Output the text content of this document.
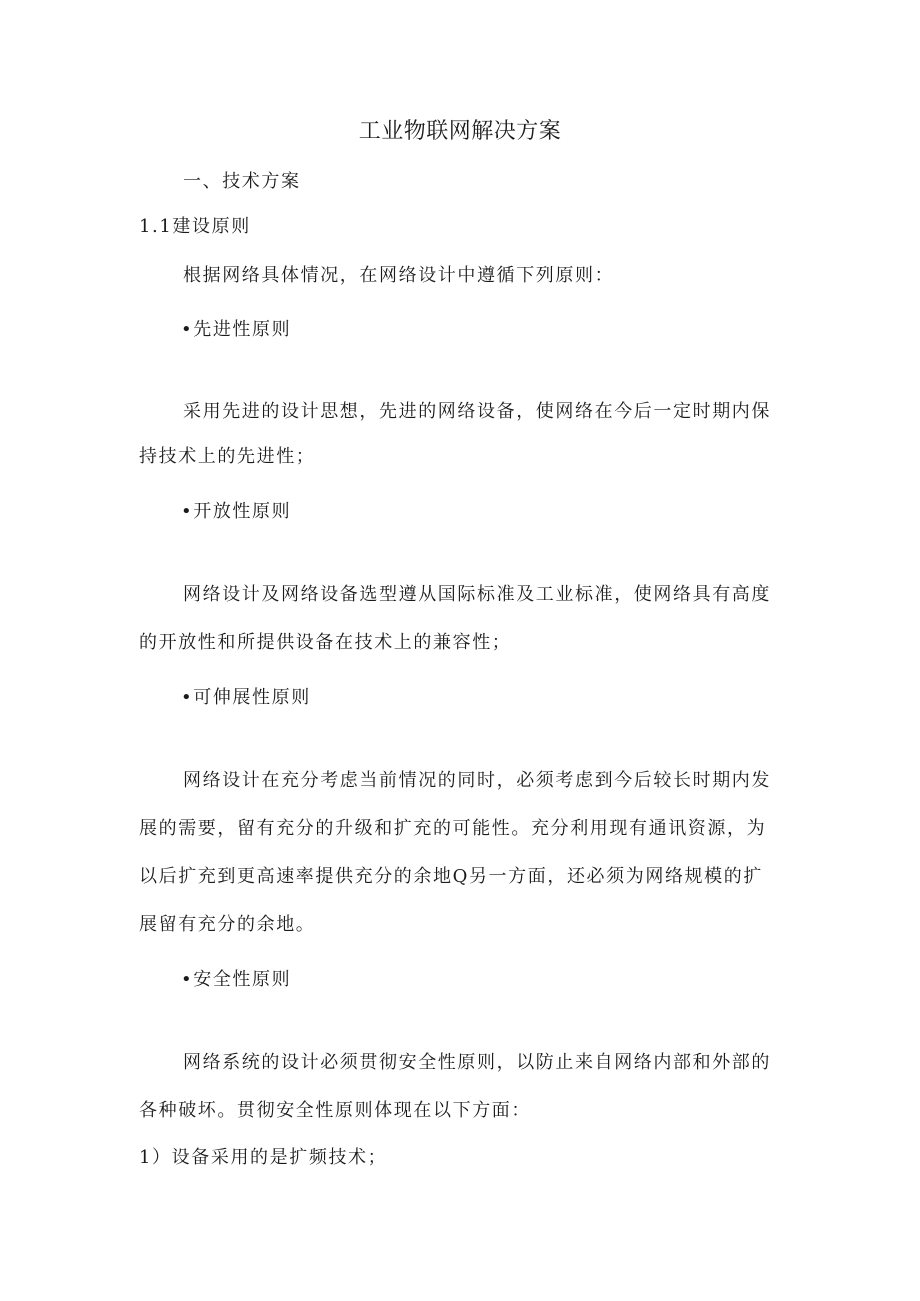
工业物联网解决方案
一、技术方案
1.1建设原则
根据网络具体情况，在网络设计中遵循下列原则：
•先进性原则
采用先进的设计思想，先进的网络设备，使网络在今后一定时期内保
持技术上的先进性；
•开放性原则
网络设计及网络设备选型遵从国际标准及工业标准，使网络具有高度
的开放性和所提供设备在技术上的兼容性；
•可伸展性原则
网络设计在充分考虑当前情况的同时，必须考虑到今后较长时期内发
展的需要，留有充分的升级和扩充的可能性。充分利用现有通讯资源，为
以后扩充到更高速率提供充分的余地Q另一方面，还必须为网络规模的扩
展留有充分的余地。
•安全性原则
网络系统的设计必须贯彻安全性原则，以防止来自网络内部和外部的
各种破坏。贯彻安全性原则体现在以下方面：
1）设备采用的是扩频技术；
